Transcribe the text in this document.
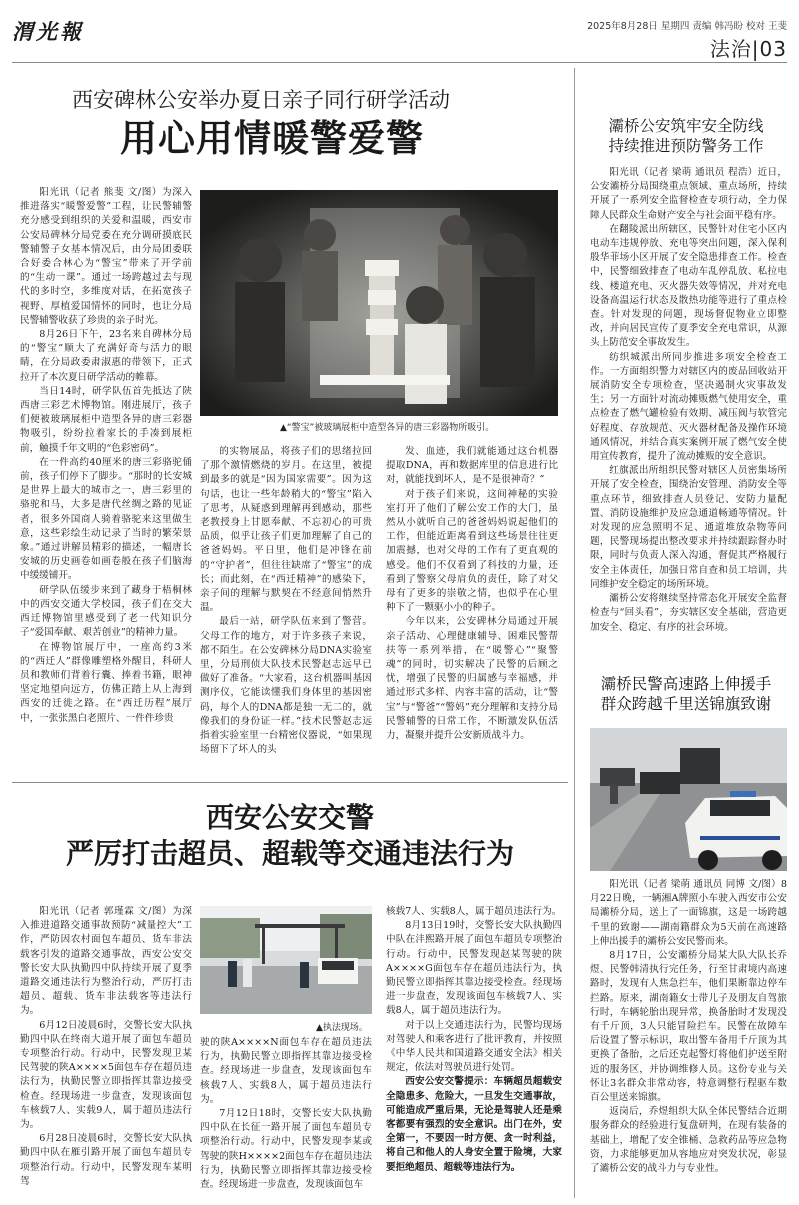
渭光報	2025年8月28日 星期四 责编 韩冯盼 校对 王斐
法治|03
西安碑林公安举办夏日亲子同行研学活动
用心用情暖警爱警

阳光讯（记者 熊斐 文/图）为深入推进落实“暖警爱警”工程，让民警辅警充分感受到组织的关爱和温暖，西安市公安局碑林分局党委在充分调研摸底民警辅警子女基本情况后，由分局团委联合好委合林心为“警宝”带来了开学前的“生动一课”。通过一场跨越过去与现代的多时空，多维度对话，在拓宽孩子视野、厚植爱国情怀的同时，也让分局民警辅警收获了珍贵的亲子时光。

8月26日下午，23名来自碑林分局的“警宝”顺大了充满好奇与活力的眼睛，在分局政委肃淑惠的带领下，正式拉开了本次夏日研学活动的帷幕。

当日14时，研学队伍首先抵达了陕西唐三彩艺术博物馆。刚进展厅，孩子们便被玻璃展柜中造型各异的唐三彩器物吸引，纷纷拉着家长的手凑到展柜前，触摸千年文明的“色彩密码”。

在一件高约40厘米的唐三彩骆驼俑前，孩子们停下了脚步。“那时的长安城是世界上最大的城市之一，唐三彩里的骆驼和马，大多是唐代丝绸之路的见证者，很多外国商人骑着骆驼来这里做生意，这些彩绘生动记录了当时的繁荣景象。”通过讲解员精彩的描述，一幅唐长安城的历史画卷如画卷般在孩子们脑海中缓缓铺开。

研学队伍缓步来到了藏身于梧桐林中的西安交通大学校园，孩子们在交大西迁博物馆里感受到了老一代知识分子“爱国奉献、艰苦创业”的精神力量。

在博物馆展厅中，一座高约3米的“西迁人”群像雕塑格外醒目，科研人员和教师们背着行囊、捧着书籍，眼神坚定地望向远方，仿佛正踏上从上海到西安的迁徙之路。在“西迁历程”展厅中，一张张黑白老照片、一件件珍贵

▲“警宝”被玻璃展柜中造型各异的唐三彩器物所吸引。

的实物展品，将孩子们的思绪拉回了那个激情燃烧的岁月。在这里，被提到最多的就是“因为国家需要”。因为这句话，也让一些年龄稍大的“警宝”陷入了思考，从疑惑到理解再到感动，那些老教授身上甘愿奉献、不忘初心的可贵品质，似乎让孩子们更加理解了自己的爸爸妈妈。平日里，他们是冲锋在前的“守护者”，但往往缺席了“警宝”的成长；而此刻，在“西迁精神”的感染下，亲子间的理解与默契在不经意间悄然升温。

最后一站，研学队伍来到了警营。父母工作的地方，对于许多孩子来说，都不陌生。在公安碑林分局DNA实验室里，分局刑侦大队技术民警赵志远早已做好了准备。“大家看，这台机器叫基因测序仪，它能读懂我们身体里的基因密码，每个人的DNA都是独一无二的，就像我们的身份证一样。”技术民警赵志远指着实验室里一台精密仪器说，“如果现场留下了坏人的头

发、血迹，我们就能通过这台机器提取DNA，再和数据库里的信息进行比对，就能找到坏人，是不是很神奇？”

对于孩子们来说，这间神秘的实验室打开了他们了解公安工作的大门，虽然从小就听自己的爸爸妈妈说起他们的工作，但能近距离看到这些场景往往更加震撼，也对父母的工作有了更直观的感受。他们不仅看到了科技的力量，还看到了警察父母肩负的责任，除了对父母有了更多的崇敬之情，也似乎在心里种下了一颗驱小小的种子。

今年以来，公安碑林分局通过开展亲子活动、心理健康辅导、困难民警帮扶等一系列举措，在“暖警心”“聚警魂”的同时，切实解决了民警的后顾之忧，增强了民警的归属感与幸福感，并通过形式多样、内容丰富的活动，让“警宝”与“警爸”“警妈”充分理解和支持分局民警辅警的日常工作，不断激发队伍活力，凝聚并提升公安新质战斗力。

灞桥公安筑牢安全防线
持续推进预防警务工作

阳光讯（记者 梁萌 通讯员 程浩）近日，公安灞桥分局围绕重点领域、重点场所，持续开展了一系列安全监督检查专项行动，全力保障人民群众生命财产安全与社会面平稳有序。

在翻陵派出所辖区，民警针对住宅小区内电动车违规停放、充电等突出问题，深入保利殷华菲场小区开展了安全隐患排查工作。检查中，民警细致排查了电动车乱停乱放、私拉电线、楼道充电、灭火器失效等情况，并对充电设备高温运行状态及散热功能等进行了重点检查。针对发现的问题，现场督促物业立即整改，并向居民宣传了夏季安全充电常识，从源头上防范安全事故发生。

纺织城派出所同步推进多项安全检查工作。一方面组织警力对辖区内的废品回收站开展消防安全专项检查，坚决遏制火灾事故发生；另一方面针对流动摊贩燃气使用安全，重点检查了燃气罐检验有效期、减压阀与软管完好程度、存放规范、灭火器材配备及操作环境通风情况，并结合真实案例开展了燃气安全使用宣传教育，提升了流动摊贩的安全意识。

红旗派出所组织民警对辖区人员密集场所开展了安全检查，围绕治安管理、消防安全等重点环节，细致排查人员登记、安防力量配置、消防设施维护及应急通道畅通等情况。针对发现的应急照明不足、通道堆放杂物等问题，民警现场提出整改要求并持续跟踪督办时限，同时与负责人深入沟通，督促其严格履行安全主体责任，加强日常自查和员工培训，共同维护安全稳定的场所环境。

灞桥公安将继续坚持常态化开展安全监督检查与“回头看”，夯实辖区安全基础，营造更加安全、稳定、有序的社会环境。

灞桥民警高速路上伸援手
群众跨越千里送锦旗致谢

阳光讯（记者 梁萌 通讯员 同博 文/图）8月22日晚，一辆湘A牌照小车驶入西安市公安局灞桥分局，送上了一面锦旗，这是一场跨越千里的致谢——湖南籍群众为5天前在高速路上伸出援手的灞桥公安民警而来。

8月17日，公安灞桥分局某大队大队长乔煜、民警韩清执行完任务，行至甘肃境内高速路时，发现有人焦急拦车，他们果断靠边停车拦路。原来，湖南籍女士带儿子及朋友自驾旅行时，车辆轮胎出现异常，换备胎时才发现没有千斤顶，3人只能冒险拦车。民警在故障车后设置了警示标识，取出警车备用千斤顶为其更换了备胎，之后还克起警灯将他们护送至附近的服务区，并协调维修人员。这份专业与关怀让3名群众非常动容，特意调整行程驱车数百公里送来锦旗。

返岗后，乔煜组织大队全体民警结合近期服务群众的经验进行复盘研判，在现有装备的基础上，增配了安全锥桶、急救药品等应急物资，力求能够更加从容地应对突发状况，彰显了灞桥公安的战斗力与专业性。

西安公安交警
严厉打击超员、超载等交通违法行为

阳光讯（记者 郭瑾霖 文/图）为深入推进道路交通事故预防“减量控大”工作，严防因农村面包车超员、货车非法载客引发的道路交通事故，西安公安交警长安大队执勤四中队持续开展了夏季道路交通违法行为整治行动，严厉打击超员、超载、货车非法载客等违法行为。

6月12日凌晨6时，交警长安大队执勤四中队在终南大道开展了面包车超员专项整治行动。行动中，民警发现卫某民驾驶的陕A××××5面包车存在超员违法行为，执勤民警立即指挥其靠边接受检查。经现场进一步盘查，发现该面包车核载7人、实载9人，属于超员违法行为。

6月28日凌晨6时，交警长安大队执勤四中队在雁引路开展了面包车超员专项整治行动。行动中，民警发现车某明驾

▲执法现场。

驶的陕A××××N面包车存在超员违法行为，执勤民警立即指挥其靠边接受检查。经现场进一步盘查，发现该面包车核载7人、实载8人，属于超员违法行为。

7月12日18时，交警长安大队执勤四中队在长征一路开展了面包车超员专项整治行动。行动中，民警发现李某或驾驶的陕H××××2面包车存在超员违法行为，执勤民警立即指挥其靠边接受检查。经现场进一步盘查，发现该面包车

核载7人、实载8人，属于超员违法行为。

8月13日19时，交警长安大队执勤四中队在沣熙路开展了面包车超员专项整治行动。行动中，民警发现赵某驾驶的陕A××××G面包车存在超员违法行为，执勤民警立即指挥其靠边接受检查。经现场进一步盘查，发现该面包车核载7人、实载8人，属于超员违法行为。

对于以上交通违法行为，民警均现场对驾驶人和乘客进行了批评教育，并按照《中华人民共和国道路交通安全法》相关规定，依法对驾驶员进行处罚。

西安公安交警提示：车辆超员超载安全隐患多、危险大，一旦发生交通事故，可能造成严重后果，无论是驾驶人还是乘客都要有强烈的安全意识。出门在外，安全第一，不要因一时方便、贪一时利益，将自己和他人的人身安全置于险境，大家要拒绝超员、超载等违法行为。
